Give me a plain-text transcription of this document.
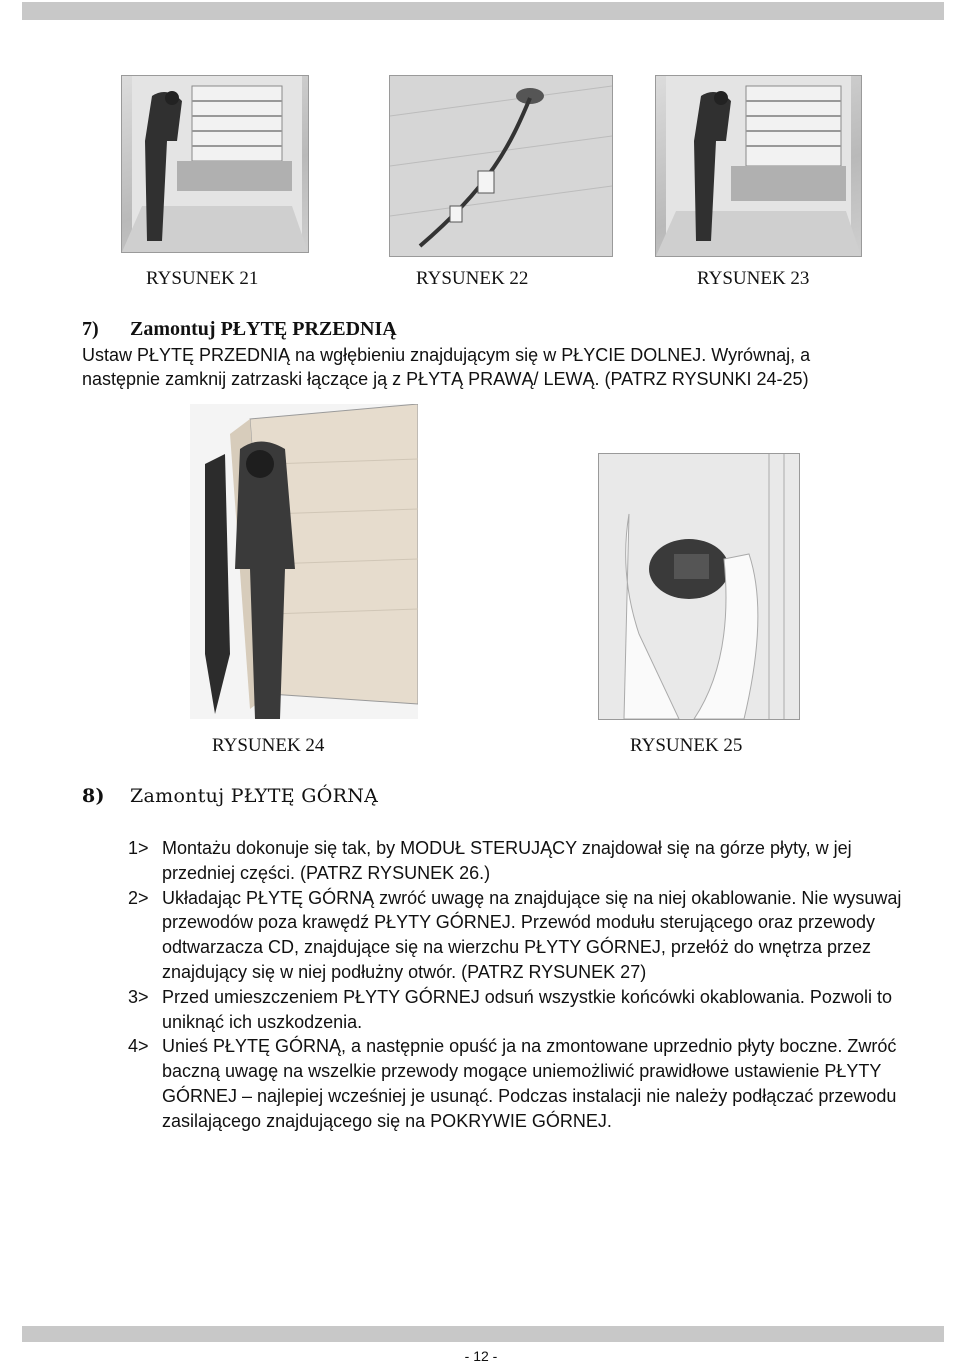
RYSUNEK 21	RYSUNEK 22	RYSUNEK 23
7) Zamontuj PŁYTĘ PRZEDNIĄ
Ustaw PŁYTĘ PRZEDNIĄ na wgłębieniu znajdującym się w PŁYCIE DOLNEJ. Wyrównaj, a
następnie zamknij zatrzaski łączące ją z PŁYTĄ PRAWĄ/ LEWĄ. (PATRZ RYSUNKI 24-25)
RYSUNEK 24	RYSUNEK 25
8) Zamontuj PŁYTĘ GÓRNĄ
1> Montażu dokonuje się tak, by MODUŁ STERUJĄCY znajdował się na górze płyty, w jej przedniej części. (PATRZ RYSUNEK 26.)
2> Układając PŁYTĘ GÓRNĄ zwróć uwagę na znajdujące się na niej okablowanie. Nie wysuwaj przewodów poza krawędź PŁYTY GÓRNEJ. Przewód modułu sterującego oraz przewody odtwarzacza CD, znajdujące się na wierzchu PŁYTY GÓRNEJ, przełóż do wnętrza przez znajdujący się w niej podłużny otwór. (PATRZ RYSUNEK 27)
3> Przed umieszczeniem PŁYTY GÓRNEJ odsuń wszystkie końcówki okablowania. Pozwoli to uniknąć ich uszkodzenia.
4> Unieś PŁYTĘ GÓRNĄ, a następnie opuść ja na zmontowane uprzednio płyty boczne. Zwróć baczną uwagę na wszelkie przewody mogące uniemożliwić prawidłowe ustawienie PŁYTY GÓRNEJ – najlepiej wcześniej je usunąć. Podczas instalacji nie należy podłączać przewodu zasilającego znajdującego się na POKRYWIE GÓRNEJ.
- 12 -
